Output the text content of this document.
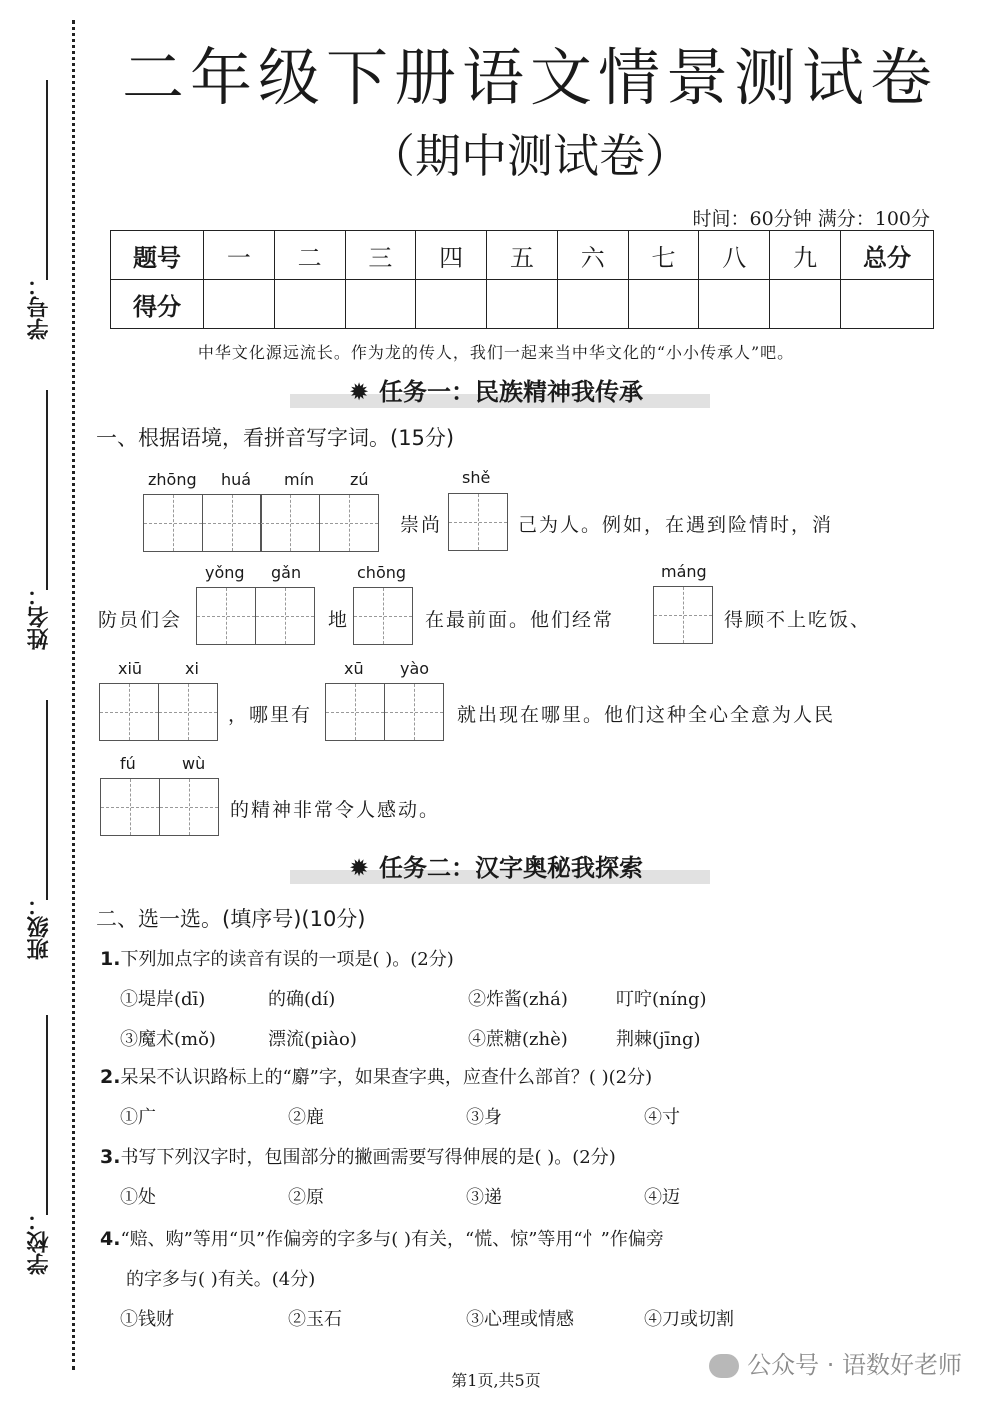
学号：
姓名：
班级：
学校：
二年级下册语文情景测试卷
（期中测试卷）
时间：60分钟 满分：100分
题号	一	二	三	四	五	六	七	八	九	总分
得分										
中华文化源远流长。作为龙的传人，我们一起来当中华文化的“小小传承人”吧。
✹ 任务一：民族精神我传承
一、根据语境，看拼音写字词。(15分)
zhōng huá mín zú
崇尚
shě
己为人。例如，在遇到险情时，消
防员们会
yǒng gǎn
地
chōng
在最前面。他们经常
máng
得顾不上吃饭、
xiū	xi
，哪里有
xū yào
就出现在哪里。他们这种全心全意为人民
fú	wù
的精神非常令人感动。
✹ 任务二：汉字奥秘我探索
二、选一选。(填序号)(10分)
1.下列加点字的读音有误的一项是( )。(2分)
①堤岸(dī)	的确(dí)	②炸酱(zhá)	叮咛(níng)
③魔术(mǒ)	漂流(piào)	④蔗糖(zhè)	荆棘(jīng)
2.呆呆不认识路标上的“麝”字，如果查字典，应查什么部首？( )(2分)
①广	②鹿	③身	④寸
3.书写下列汉字时，包围部分的撇画需要写得伸展的是( )。(2分)
①处	②原	③递	④迈
4.“赔、购”等用“贝”作偏旁的字多与( )有关，“慌、惊”等用“忄”作偏旁
的字多与( )有关。(4分)
①钱财	②玉石	③心理或情感	④刀或切割
公众号 · 语数好老师
第1页,共5页
